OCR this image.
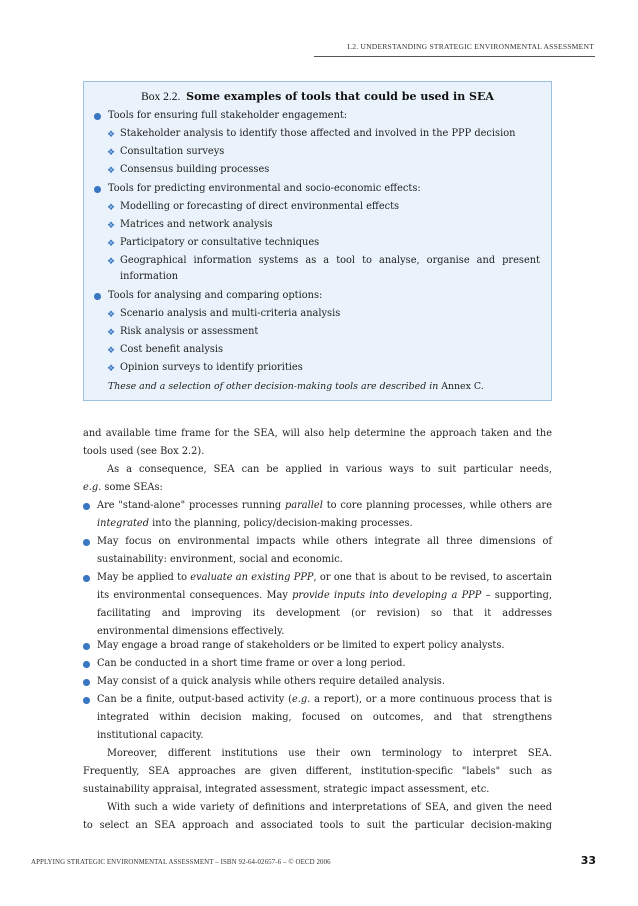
I.2. UNDERSTANDING STRATEGIC ENVIRONMENTAL ASSESSMENT
Box 2.2. Some examples of tools that could be used in SEA
Tools for ensuring full stakeholder engagement:
❖ Stakeholder analysis to identify those affected and involved in the PPP decision
❖ Consultation surveys
❖ Consensus building processes
Tools for predicting environmental and socio-economic effects:
❖ Modelling or forecasting of direct environmental effects
❖ Matrices and network analysis
❖ Participatory or consultative techniques
❖ Geographical information systems as a tool to analyse, organise and present
information
Tools for analysing and comparing options:
❖ Scenario analysis and multi-criteria analysis
❖ Risk analysis or assessment
❖ Cost benefit analysis
❖ Opinion surveys to identify priorities
These and a selection of other decision-making tools are described in Annex C.
and available time frame for the SEA, will also help determine the approach taken and the
tools used (see Box 2.2).
As a consequence, SEA can be applied in various ways to suit particular needs,
e.g. some SEAs:
Are "stand-alone" processes running parallel to core planning processes, while others are
integrated into the planning, policy/decision-making processes.
May focus on environmental impacts while others integrate all three dimensions of
sustainability: environment, social and economic.
May be applied to evaluate an existing PPP, or one that is about to be revised, to ascertain
its environmental consequences. May provide inputs into developing a PPP – supporting,
facilitating and improving its development (or revision) so that it addresses
environmental dimensions effectively.
May engage a broad range of stakeholders or be limited to expert policy analysts.
Can be conducted in a short time frame or over a long period.
May consist of a quick analysis while others require detailed analysis.
Can be a finite, output-based activity (e.g. a report), or a more continuous process that is
integrated within decision making, focused on outcomes, and that strengthens
institutional capacity.
Moreover, different institutions use their own terminology to interpret SEA.
Frequently, SEA approaches are given different, institution-specific "labels" such as
sustainability appraisal, integrated assessment, strategic impact assessment, etc.
With such a wide variety of definitions and interpretations of SEA, and given the need
to select an SEA approach and associated tools to suit the particular decision-making
APPLYING STRATEGIC ENVIRONMENTAL ASSESSMENT – ISBN 92-64-02657-6 – © OECD 2006	33
